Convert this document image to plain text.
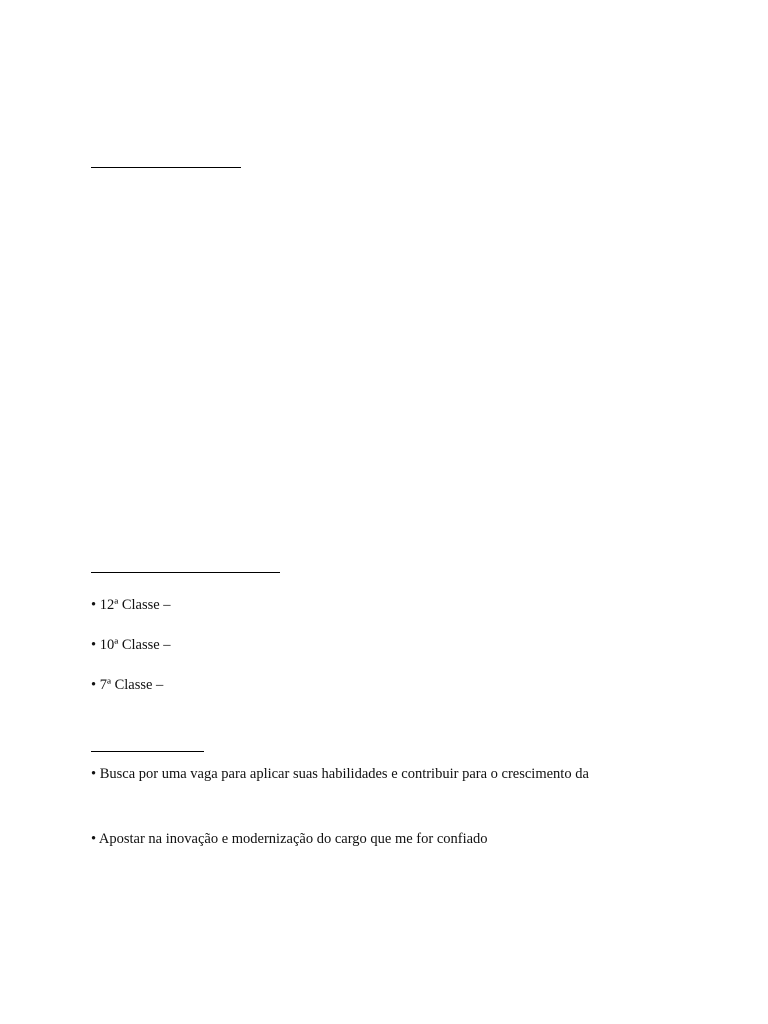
• 12ª Classe –
• 10ª Classe –
• 7ª Classe –
• Busca por uma vaga para aplicar suas habilidades e contribuir para o crescimento da
• Apostar na inovação e modernização do cargo que me for confiado
